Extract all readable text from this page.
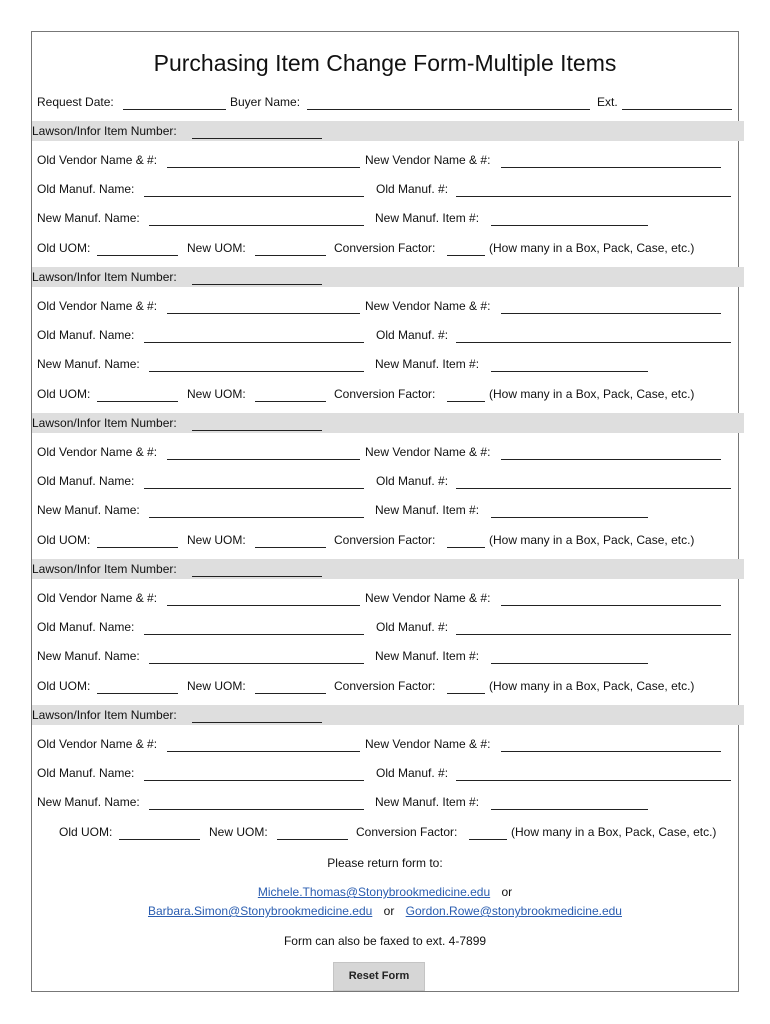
Purchasing Item Change Form-Multiple Items
Request Date:	Buyer Name:	Ext.
Lawson/Infor Item Number:
Old Vendor Name & #:	New Vendor Name & #:
Old Manuf. Name:	Old Manuf. #:
New Manuf. Name:	New Manuf. Item #:
Old UOM:	New UOM:	Conversion Factor:	(How many in a Box, Pack, Case, etc.)
Lawson/Infor Item Number:
Old Vendor Name & #:	New Vendor Name & #:
Old Manuf. Name:	Old Manuf. #:
New Manuf. Name:	New Manuf. Item #:
Old UOM:	New UOM:	Conversion Factor:	(How many in a Box, Pack, Case, etc.)
Lawson/Infor Item Number:
Old Vendor Name & #:	New Vendor Name & #:
Old Manuf. Name:	Old Manuf. #:
New Manuf. Name:	New Manuf. Item #:
Old UOM:	New UOM:	Conversion Factor:	(How many in a Box, Pack, Case, etc.)
Lawson/Infor Item Number:
Old Vendor Name & #:	New Vendor Name & #:
Old Manuf. Name:	Old Manuf. #:
New Manuf. Name:	New Manuf. Item #:
Old UOM:	New UOM:	Conversion Factor:	(How many in a Box, Pack, Case, etc.)
Lawson/Infor Item Number:
Old Vendor Name & #:	New Vendor Name & #:
Old Manuf. Name:	Old Manuf. #:
New Manuf. Name:	New Manuf. Item #:
Old UOM:	New UOM:	Conversion Factor:	(How many in a Box, Pack, Case, etc.)
Please return form to:
Michele.Thomas@Stonybrookmedicine.edu or
Barbara.Simon@Stonybrookmedicine.edu or Gordon.Rowe@stonybrookmedicine.edu
Form can also be faxed to ext. 4-7899
Reset Form
